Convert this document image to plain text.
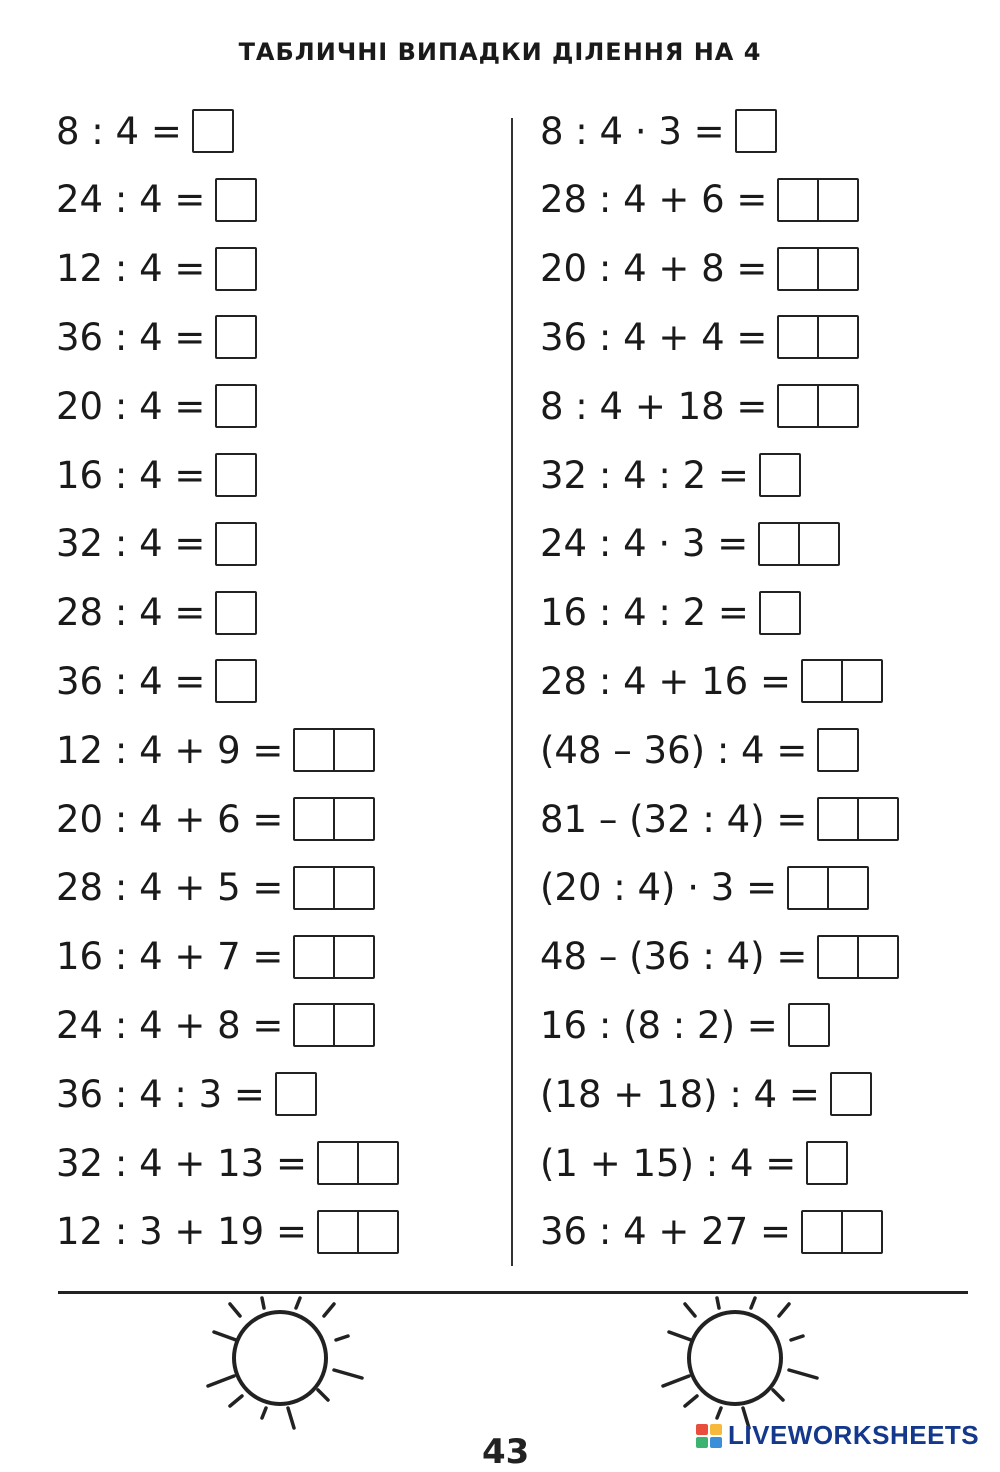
ТАБЛИЧНІ ВИПАДКИ ДІЛЕННЯ НА 4
8 : 4 =
24 : 4 =
12 : 4 =
36 : 4 =
20 : 4 =
16 : 4 =
32 : 4 =
28 : 4 =
36 : 4 =
12 : 4 + 9 =
20 : 4 + 6 =
28 : 4 + 5 =
16 : 4 + 7 =
24 : 4 + 8 =
36 : 4 : 3 =
32 : 4 + 13 =
12 : 3 + 19 =
8 : 4 · 3 =
28 : 4 + 6 =
20 : 4 + 8 =
36 : 4 + 4 =
8 : 4 + 18 =
32 : 4 : 2 =
24 : 4 · 3 =
16 : 4 : 2 =
28 : 4 + 16 =
(48 – 36) : 4 =
81 – (32 : 4) =
(20 : 4) · 3 =
48 – (36 : 4) =
16 : (8 : 2) =
(18 + 18) : 4 =
(1 + 15) : 4 =
36 : 4 + 27 =
43	LIVEWORKSHEETS
